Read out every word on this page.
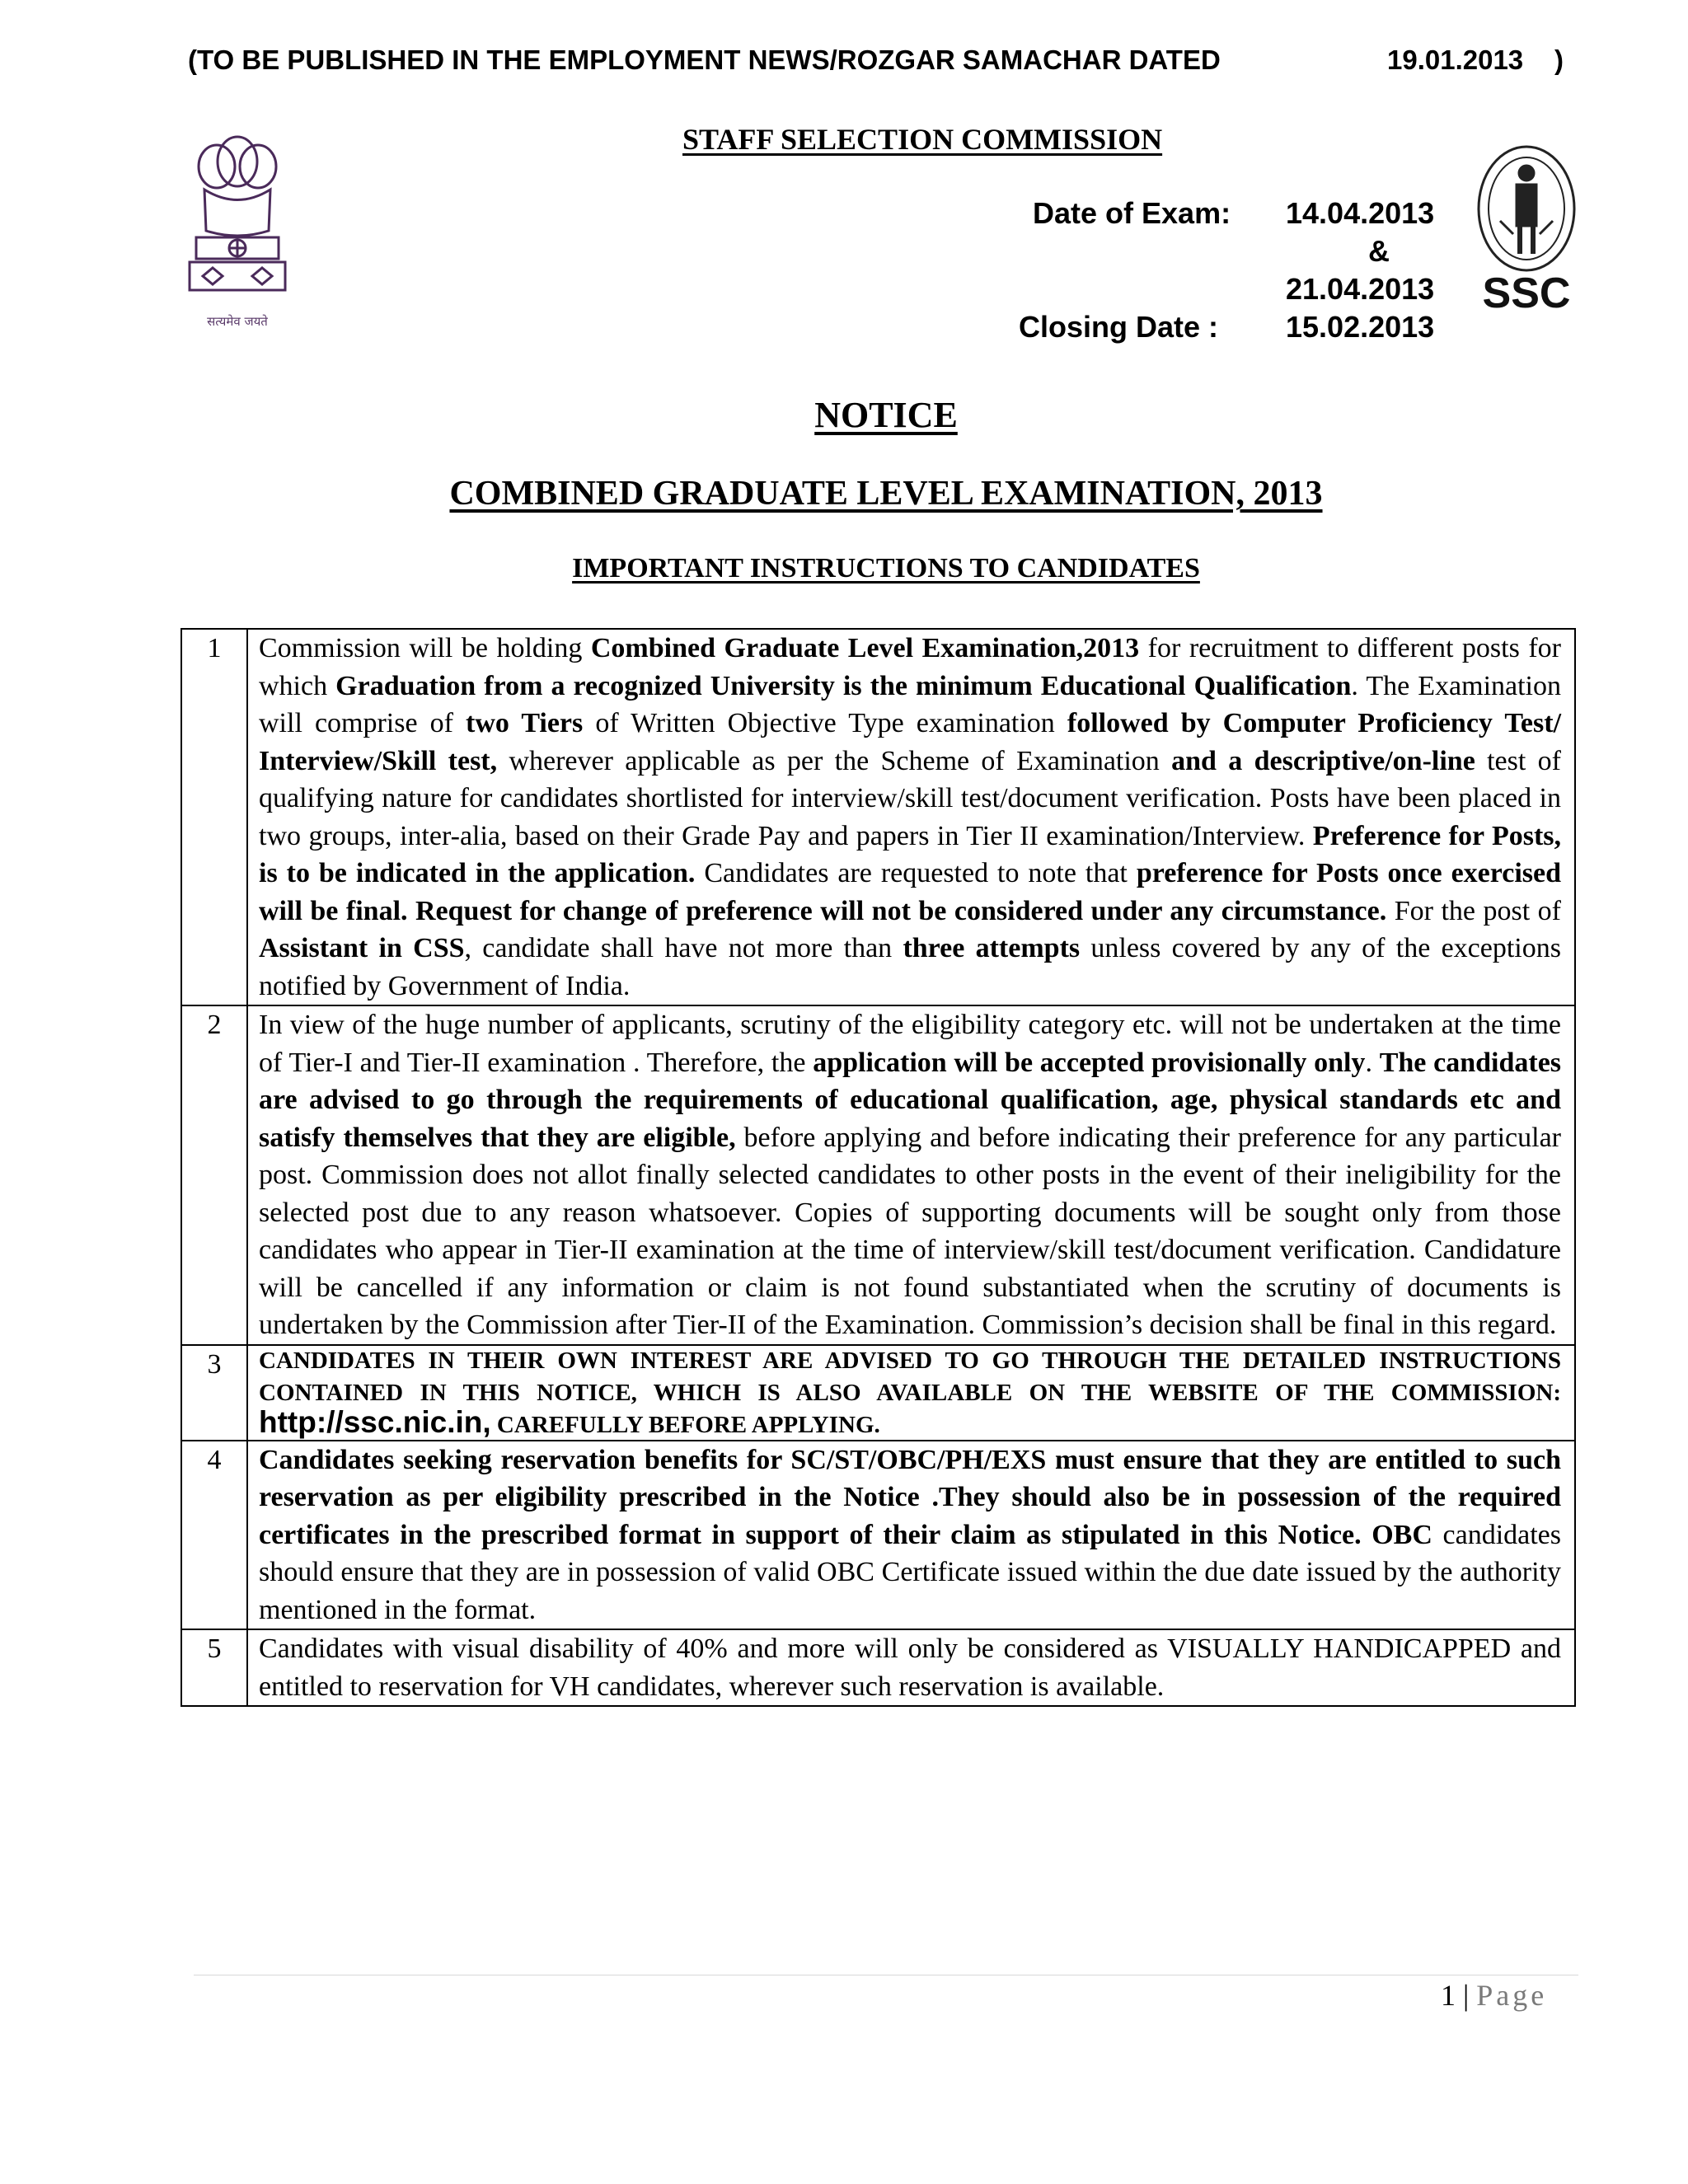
(TO BE PUBLISHED IN THE EMPLOYMENT NEWS/ROZGAR SAMACHAR DATED	19.01.2013 )
सत्यमेव जयते
STAFF SELECTION COMMISSION
Date of Exam: 14.04.2013
&
21.04.2013
Closing Date : 15.02.2013
SSC
NOTICE
COMBINED GRADUATE LEVEL EXAMINATION, 2013
IMPORTANT INSTRUCTIONS TO CANDIDATES
1	Commission will be holding Combined Graduate Level Examination,2013 for recruitment to different posts for which Graduation from a recognized University is the minimum Educational Qualification. The Examination will comprise of two Tiers of Written Objective Type examination followed by Computer Proficiency Test/ Interview/Skill test, wherever applicable as per the Scheme of Examination and a descriptive/on-line test of qualifying nature for candidates shortlisted for interview/skill test/document verification. Posts have been placed in two groups, inter-alia, based on their Grade Pay and papers in Tier II examination/Interview. Preference for Posts, is to be indicated in the application. Candidates are requested to note that preference for Posts once exercised will be final. Request for change of preference will not be considered under any circumstance. For the post of Assistant in CSS, candidate shall have not more than three attempts unless covered by any of the exceptions notified by Government of India.
2	In view of the huge number of applicants, scrutiny of the eligibility category etc. will not be undertaken at the time of Tier-I and Tier-II examination . Therefore, the application will be accepted provisionally only. The candidates are advised to go through the requirements of educational qualification, age, physical standards etc and satisfy themselves that they are eligible, before applying and before indicating their preference for any particular post. Commission does not allot finally selected candidates to other posts in the event of their ineligibility for the selected post due to any reason whatsoever. Copies of supporting documents will be sought only from those candidates who appear in Tier-II examination at the time of interview/skill test/document verification. Candidature will be cancelled if any information or claim is not found substantiated when the scrutiny of documents is undertaken by the Commission after Tier-II of the Examination. Commission’s decision shall be final in this regard.
3	CANDIDATES IN THEIR OWN INTEREST ARE ADVISED TO GO THROUGH THE DETAILED INSTRUCTIONS CONTAINED IN THIS NOTICE, WHICH IS ALSO AVAILABLE ON THE WEBSITE OF THE COMMISSION: http://ssc.nic.in, CAREFULLY BEFORE APPLYING.
4	Candidates seeking reservation benefits for SC/ST/OBC/PH/EXS must ensure that they are entitled to such reservation as per eligibility prescribed in the Notice .They should also be in possession of the required certificates in the prescribed format in support of their claim as stipulated in this Notice. OBC candidates should ensure that they are in possession of valid OBC Certificate issued within the due date issued by the authority mentioned in the format.
5	Candidates with visual disability of 40% and more will only be considered as VISUALLY HANDICAPPED and entitled to reservation for VH candidates, wherever such reservation is available.
1 | Page
